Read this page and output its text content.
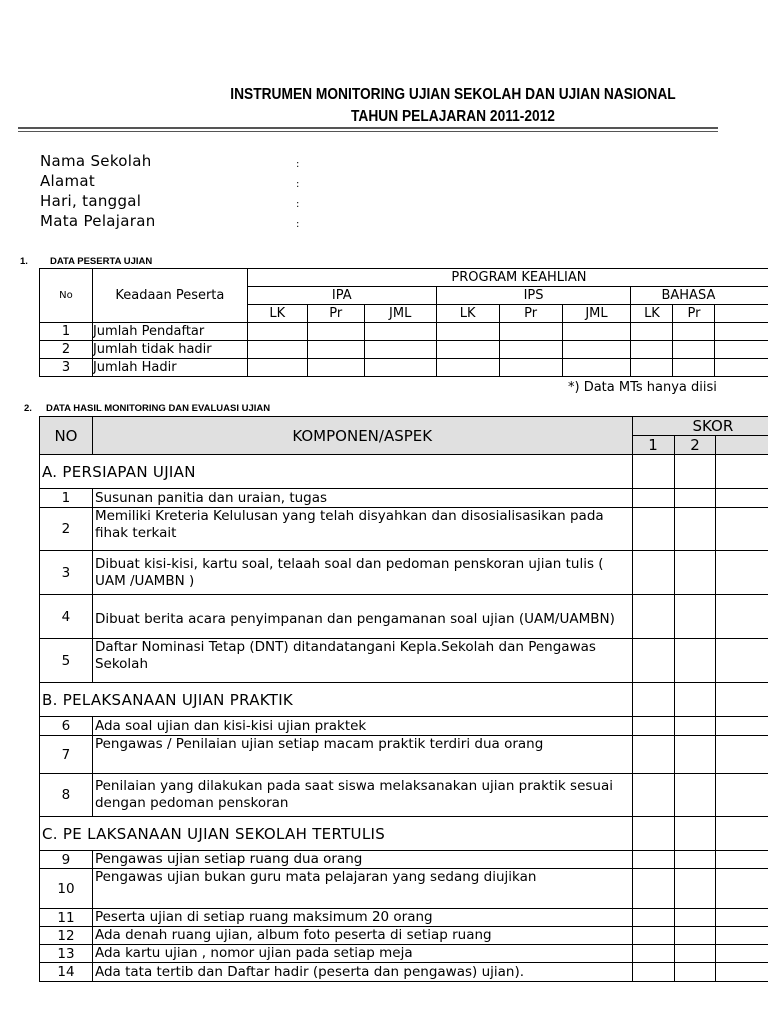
INSTRUMEN MONITORING UJIAN SEKOLAH DAN UJIAN NASIONAL
TAHUN PELAJARAN 2011-2012
Nama Sekolah	:
Alamat	:
Hari, tanggal	:
Mata Pelajaran	:
1. DATA PESERTA UJIAN
No	Keadaan Peserta	PROGRAM KEAHLIAN								
		IPA			IPS			BAHASA		
		LK	Pr	JML	LK	Pr	JML	LK	Pr	
1	Jumlah Pendaftar									
2	Jumlah tidak hadir									
3	Jumlah Hadir									
*) Data MTs hanya diisi
2. DATA HASIL MONITORING DAN EVALUASI UJIAN
NO	KOMPONEN/ASPEK	SKOR		
		1	2	
A. PERSIAPAN UJIAN				
1	Susunan panitia dan uraian, tugas			
2	Memiliki Kreteria Kelulusan yang telah disyahkan dan disosialisasikan pada fihak terkait			
3	Dibuat kisi-kisi, kartu soal, telaah soal dan pedoman penskoran ujian tulis ( UAM /UAMBN )			
4	Dibuat berita acara penyimpanan dan pengamanan soal ujian (UAM/UAMBN)			
5	Daftar Nominasi Tetap (DNT) ditandatangani Kepla.Sekolah dan Pengawas Sekolah			
B. PELAKSANAAN UJIAN PRAKTIK				
6	Ada soal ujian dan kisi-kisi ujian praktek			
7	Pengawas / Penilaian ujian setiap macam praktik terdiri dua orang			
8	Penilaian yang dilakukan pada saat siswa melaksanakan ujian praktik sesuai dengan pedoman penskoran			
C. PE LAKSANAAN UJIAN SEKOLAH TERTULIS				
9	Pengawas ujian setiap ruang dua orang			
10	Pengawas ujian bukan guru mata pelajaran yang sedang diujikan			
11	Peserta ujian di setiap ruang maksimum 20 orang			
12	Ada denah ruang ujian, album foto peserta di setiap ruang			
13	Ada kartu ujian , nomor ujian pada setiap meja			
14	Ada tata tertib dan Daftar hadir (peserta dan pengawas) ujian).			
